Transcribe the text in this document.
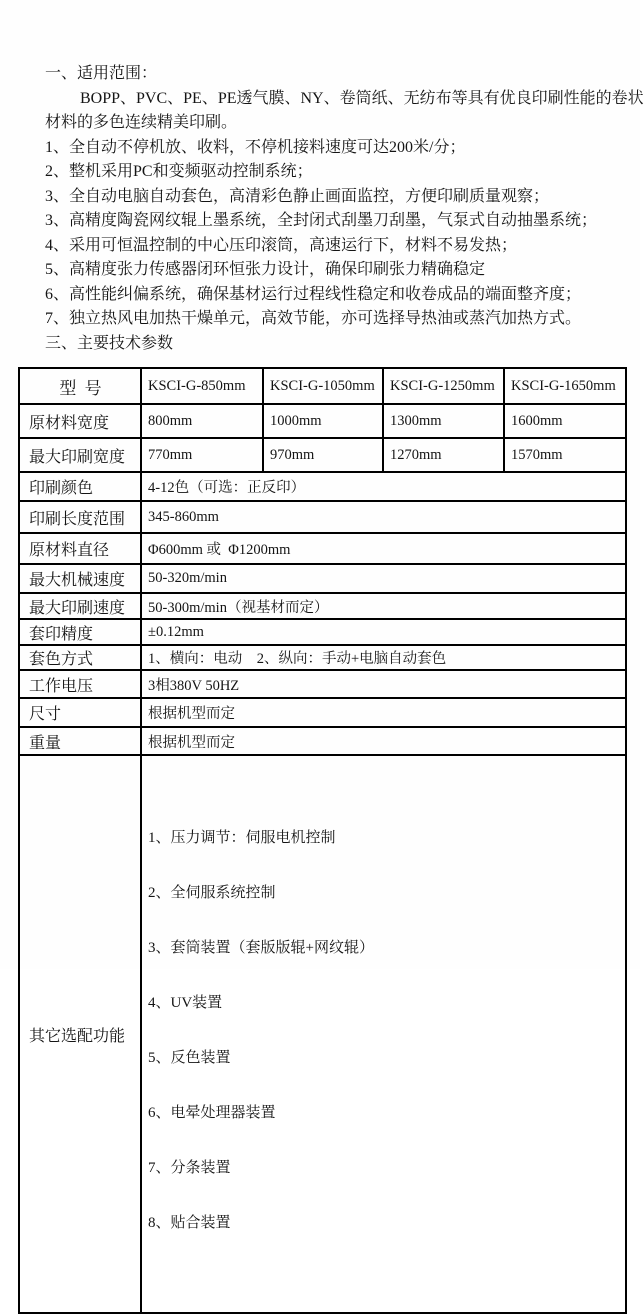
一、适用范围：
BOPP、PVC、PE、PE透气膜、NY、卷筒纸、无纺布等具有优良印刷性能的卷状
材料的多色连续精美印刷。
1、全自动不停机放、收料，不停机接料速度可达200米/分；
2、整机采用PC和变频驱动控制系统；
3、全自动电脑自动套色，高清彩色静止画面监控，方便印刷质量观察；
3、高精度陶瓷网纹辊上墨系统，全封闭式刮墨刀刮墨，气泵式自动抽墨系统；
4、采用可恒温控制的中心压印滚筒，高速运行下，材料不易发热；
5、高精度张力传感器闭环恒张力设计，确保印刷张力精确稳定
6、高性能纠偏系统，确保基材运行过程线性稳定和收卷成品的端面整齐度；
7、独立热风电加热干燥单元，高效节能，亦可选择导热油或蒸汽加热方式。
三、主要技术参数
型 号	KSCI-G-850mm	KSCI-G-1050mm	KSCI-G-1250mm	KSCI-G-1650mm
原材料宽度	800mm	1000mm	1300mm	1600mm
最大印刷宽度	770mm	970mm	1270mm	1570mm
印刷颜色	4-12色（可选：正反印）			
印刷长度范围	345-860mm			
原材料直径	Φ600mm 或  Φ1200mm			
最大机械速度	50-320m/min			
最大印刷速度	50-300m/min（视基材而定）			
套印精度	±0.12mm			
套色方式	1、横向：电动    2、纵向：手动+电脑自动套色			
工作电压	3相380V 50HZ			
尺寸	根据机型而定			
重量	根据机型而定			
其它选配功能	

1、压力调节：伺服电机控制

2、全伺服系统控制

3、套筒装置（套版版辊+网纹辊）

4、UV装置

5、反色装置

6、电晕处理器装置

7、分条装置

8、贴合装置
